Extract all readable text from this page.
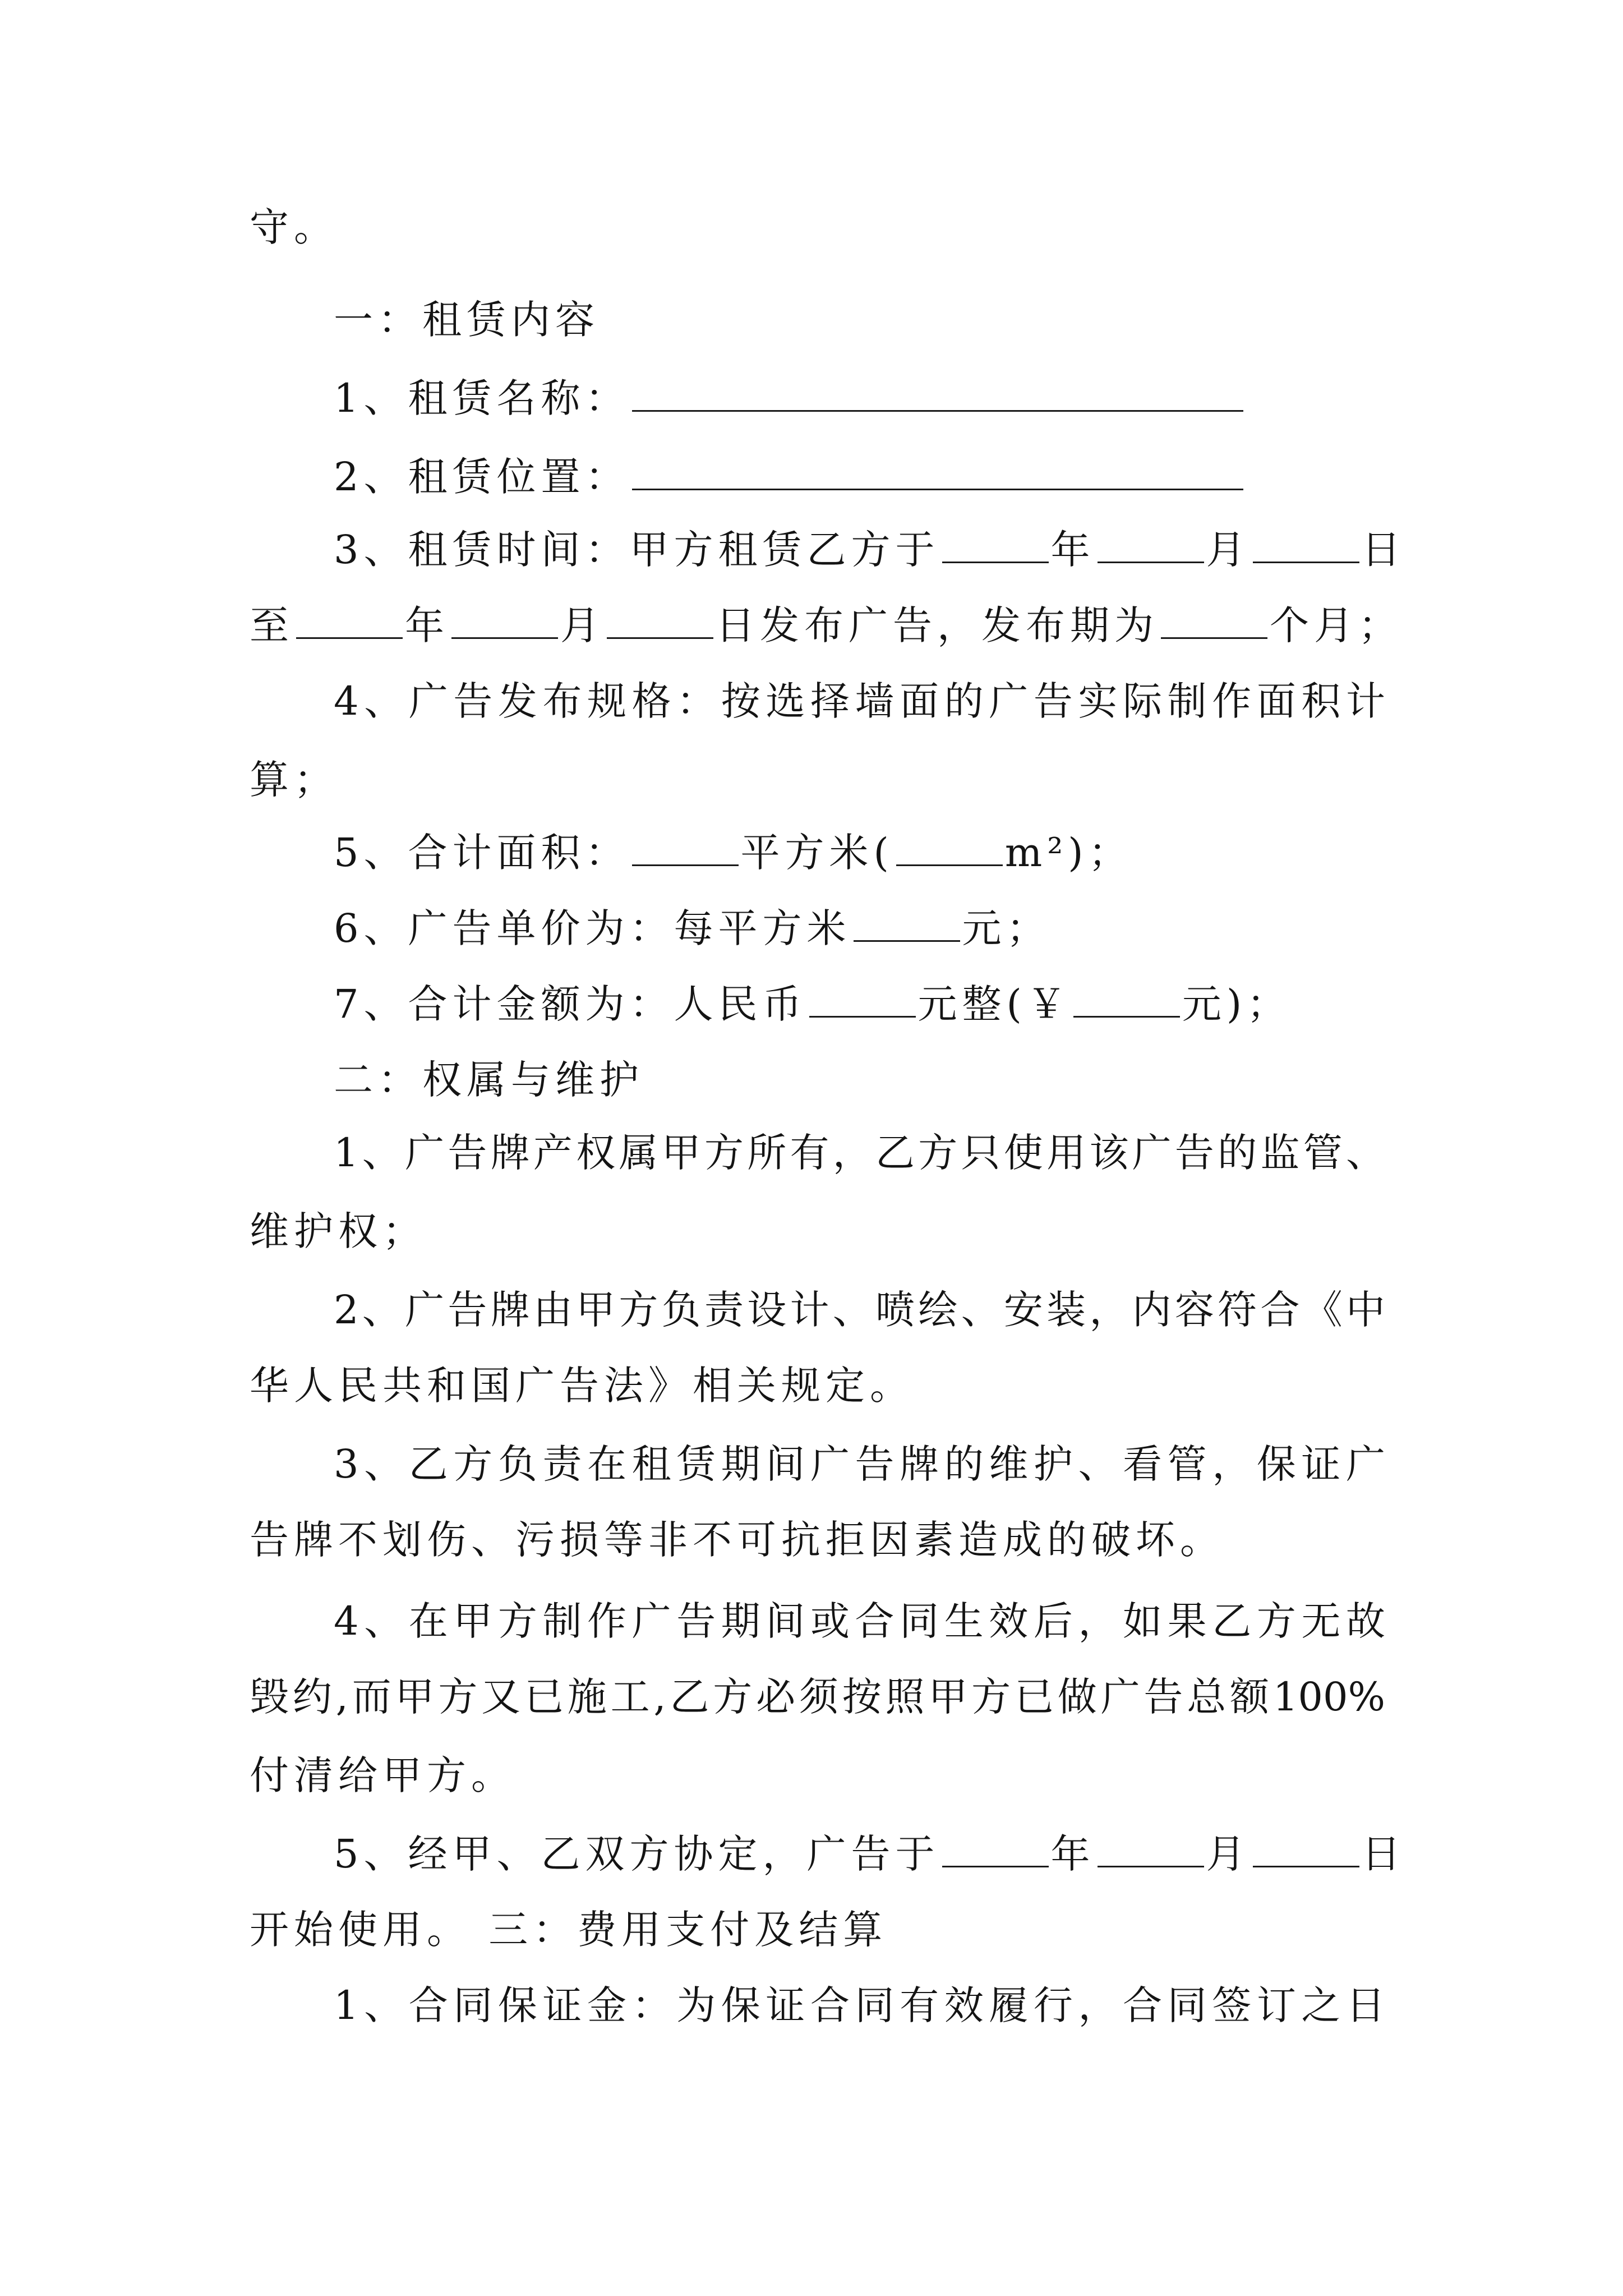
守。
一：租赁内容
1、租赁名称：
2、租赁位置：
3、租赁时间：甲方租赁乙方于	年	月	日
至	年	月	日发布广告，发布期为	个月；
4、广告发布规格：按选择墙面的广告实际制作面积计
算；
5、合计面积：	平方米(	m²)；
6、广告单价为：每平方米	元；
7、合计金额为：人民币	元整(￥	元)；
二：权属与维护
1、广告牌产权属甲方所有，乙方只使用该广告的监管、
维护权；
2、广告牌由甲方负责设计、喷绘、安装，内容符合《中
华人民共和国广告法》相关规定。
3、乙方负责在租赁期间广告牌的维护、看管，保证广
告牌不划伤、污损等非不可抗拒因素造成的破坏。
4、在甲方制作广告期间或合同生效后，如果乙方无故
毁约,而甲方又已施工,乙方必须按照甲方已做广告总额100%
付清给甲方。
5、经甲、乙双方协定，广告于	年	月	日
开始使用。 三：费用支付及结算
1、合同保证金：为保证合同有效履行，合同签订之日
